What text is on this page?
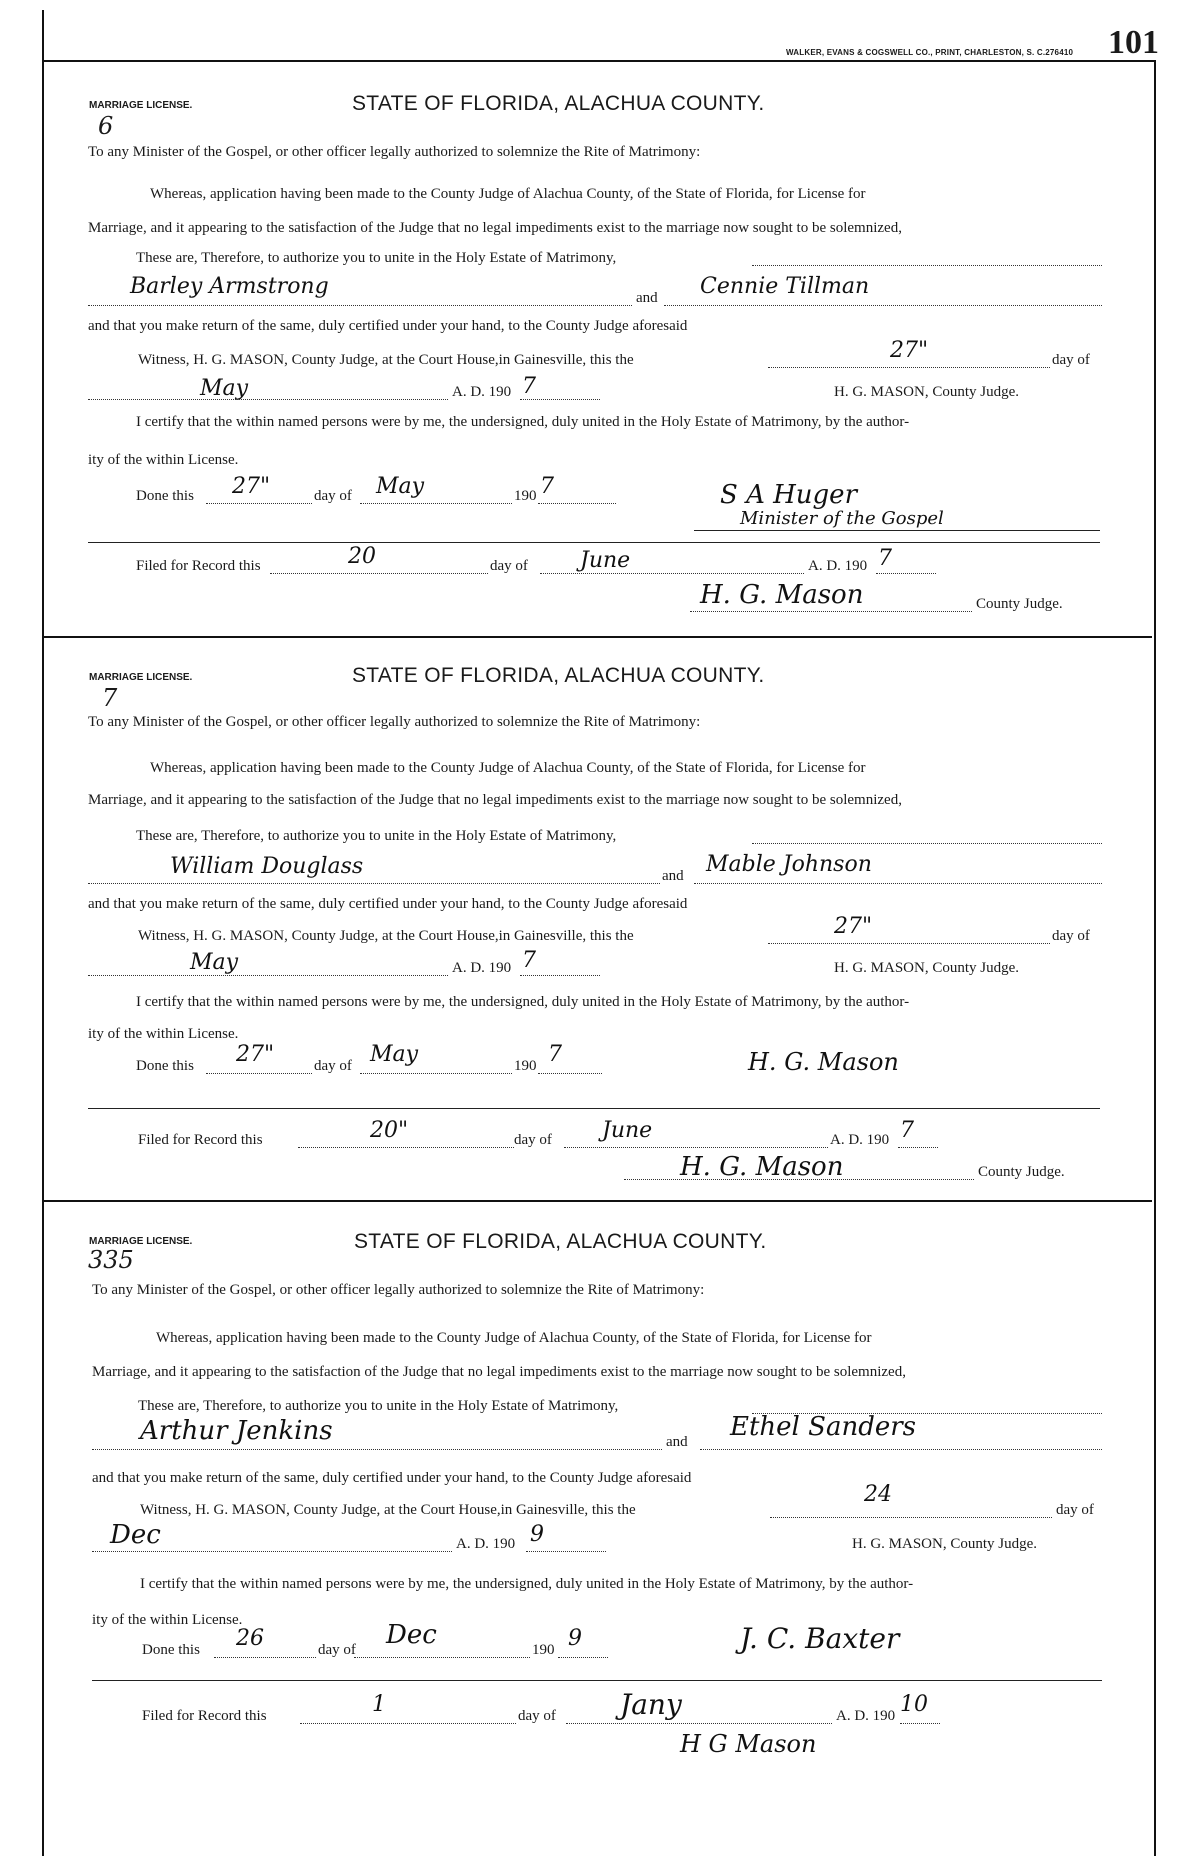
WALKER, EVANS & COGSWELL CO., PRINT, CHARLESTON, S. C.276410 101
MARRIAGE LICENSE.
6
STATE OF FLORIDA, ALACHUA COUNTY.
To any Minister of the Gospel, or other officer legally authorized to solemnize the Rite of Matrimony:
Whereas, application having been made to the County Judge of Alachua County, of the State of Florida, for License for
Marriage, and it appearing to the satisfaction of the Judge that no legal impediments exist to the marriage now sought to be solemnized,
These are, Therefore, to authorize you to unite in the Holy Estate of Matrimony,
Barley Armstrong	and Cennie Tillman
and that you make return of the same, duly certified under your hand, to the County Judge aforesaid
Witness, H. G. MASON, County Judge, at the Court House,in Gainesville, this the	27"	day of
May	A. D. 190 7	H. G. MASON, County Judge.
I certify that the within named persons were by me, the undersigned, duly united in the Holy Estate of Matrimony, by the author-
ity of the within License.
Done this 27"	day of May	190 7	S A Huger
Minister of the Gospel
Filed for Record this	20	day of June	A. D. 190 7
H. G. Mason	County Judge.
MARRIAGE LICENSE.
7
STATE OF FLORIDA, ALACHUA COUNTY.
To any Minister of the Gospel, or other officer legally authorized to solemnize the Rite of Matrimony:
Whereas, application having been made to the County Judge of Alachua County, of the State of Florida, for License for
Marriage, and it appearing to the satisfaction of the Judge that no legal impediments exist to the marriage now sought to be solemnized,
These are, Therefore, to authorize you to unite in the Holy Estate of Matrimony,
William Douglass	and Mable Johnson
and that you make return of the same, duly certified under your hand, to the County Judge aforesaid
Witness, H. G. MASON, County Judge, at the Court House,in Gainesville, this the	27"	day of
May	A. D. 190 7	H. G. MASON, County Judge.
I certify that the within named persons were by me, the undersigned, duly united in the Holy Estate of Matrimony, by the author-
ity of the within License.
Done this 27"	day of May	190 7	H. G. Mason
Filed for Record this	20"	day of June	A. D. 190 7
H. G. Mason	County Judge.
MARRIAGE LICENSE.
335
STATE OF FLORIDA, ALACHUA COUNTY.
To any Minister of the Gospel, or other officer legally authorized to solemnize the Rite of Matrimony:
Whereas, application having been made to the County Judge of Alachua County, of the State of Florida, for License for
Marriage, and it appearing to the satisfaction of the Judge that no legal impediments exist to the marriage now sought to be solemnized,
These are, Therefore, to authorize you to unite in the Holy Estate of Matrimony,
Arthur Jenkins	and Ethel Sanders
and that you make return of the same, duly certified under your hand, to the County Judge aforesaid
Witness, H. G. MASON, County Judge, at the Court House,in Gainesville, this the
24
day of
Dec	A. D. 190 9	H. G. MASON, County Judge.
I certify that the within named persons were by me, the undersigned, duly united in the Holy Estate of Matrimony, by the author-
ity of the within License.
Done this 26	day of Dec	190 9	J. C. Baxter
Filed for Record this	1	day of Jany	A. D. 190 10
H G Mason
